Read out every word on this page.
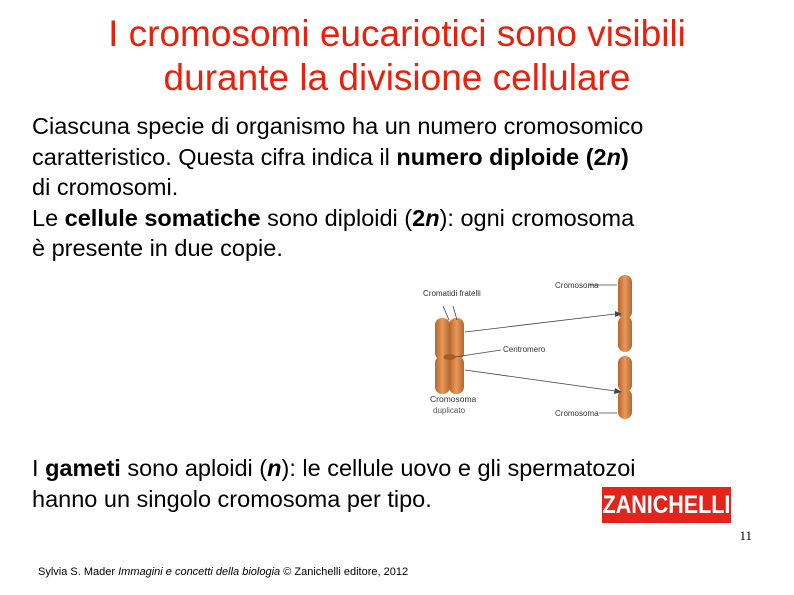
I cromosomi eucariotici sono visibili
durante la divisione cellulare
Ciascuna specie di organismo ha un numero cromosomico
caratteristico. Questa cifra indica il numero diploide (2n)
di cromosomi.
Le cellule somatiche sono diploidi (2n): ogni cromosoma
è presente in due copie.
Cromatidi fratelli
Cromosoma
Centromero
Cromosoma
duplicato	Cromosoma
I gameti sono aploidi (n): le cellule uovo e gli spermatozoi
hanno un singolo cromosoma per tipo.	ZANICHELLI
11
Sylvia S. Mader Immagini e concetti della biologia © Zanichelli editore, 2012
